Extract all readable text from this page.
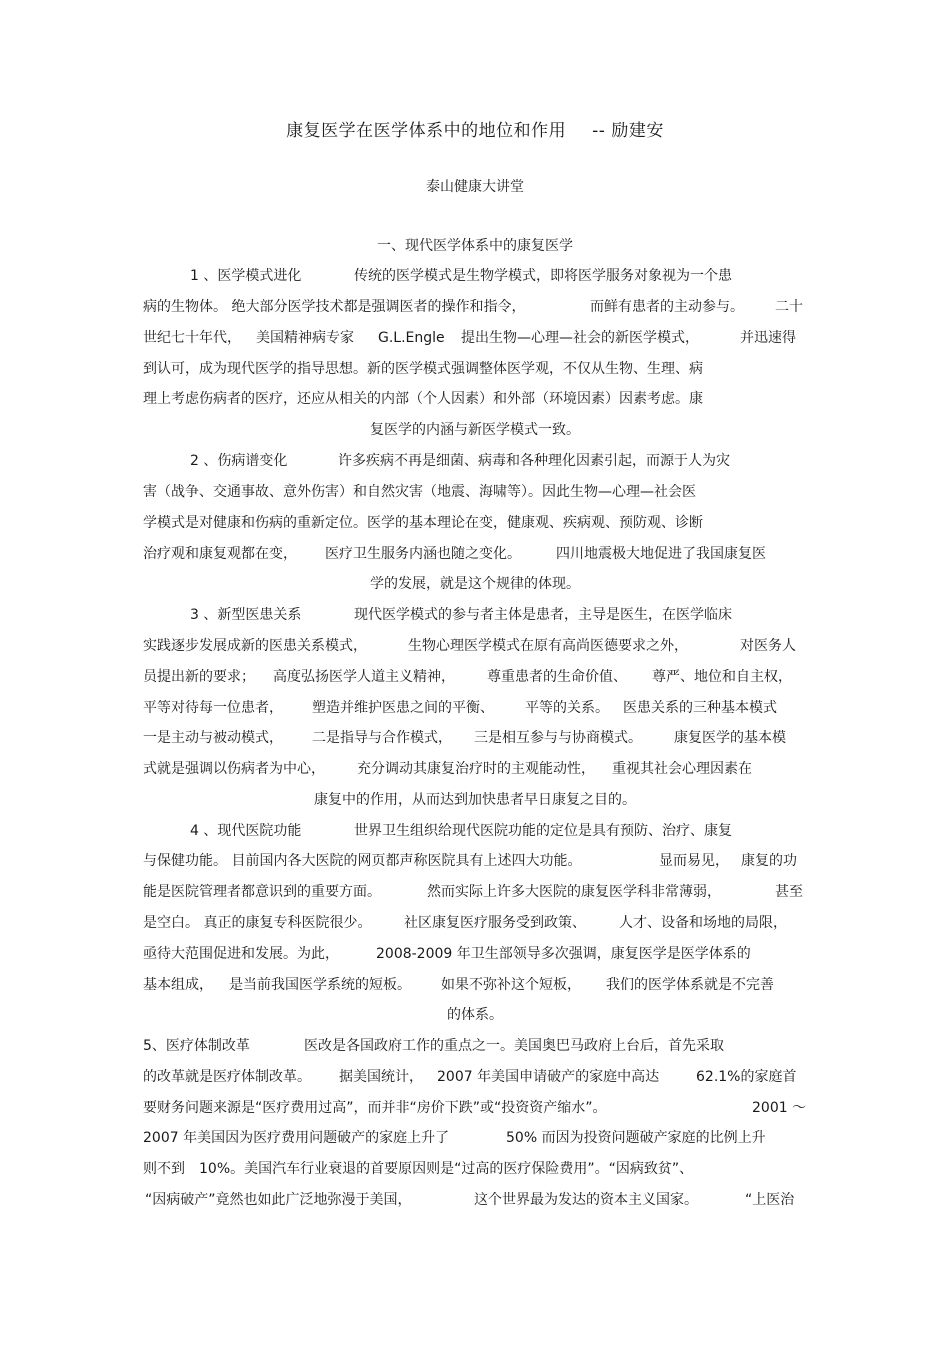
康复医学在医学体系中的地位和作用 -- 励建安
泰山健康大讲堂
一、现代医学体系中的康复医学

1 、医学模式进化

	传统的医学模式是生物学模式，即将医学服务对象视为一个患

病的生物体。 绝大部分医学技术都是强调医者的操作和指令，

	而鲜有患者的主动参与。

二十

世纪七十年代，

美国精神病专家

G.L.Engle

提出生物—心理—社会的新医学模式，

	并迅速得

到认可，成为现代医学的指导思想。新的医学模式强调整体医学观，不仅从生物、生理、病

理上考虑伤病者的医疗，还应从相关的内部（个人因素）和外部（环境因素）因素考虑。康

复医学的内涵与新医学模式一致。

2 、伤病谱变化

	许多疾病不再是细菌、病毒和各种理化因素引起，而源于人为灾

害（战争、交通事故、意外伤害）和自然灾害（地震、海啸等）。因此生物—心理—社会医

学模式是对健康和伤病的重新定位。医学的基本理论在变，健康观、疾病观、预防观、诊断

治疗观和康复观都在变，

医疗卫生服务内涵也随之变化。

	四川地震极大地促进了我国康复医

学的发展，就是这个规律的体现。

3 、新型医患关系

	现代医学模式的参与者主体是患者，主导是医生，在医学临床

实践逐步发展成新的医患关系模式，

	生物心理医学模式在原有高尚医德要求之外，

	对医务人

员提出新的要求；

高度弘扬医学人道主义精神，

尊重患者的生命价值、

尊严、地位和自主权，

平等对待每一位患者，

塑造并维护医患之间的平衡、

平等的关系。

医患关系的三种基本模式

一是主动与被动模式，

二是指导与合作模式，

三是相互参与与协商模式。

康复医学的基本模

式就是强调以伤病者为中心，

充分调动其康复治疗时的主观能动性，

重视其社会心理因素在

康复中的作用，从而达到加快患者早日康复之目的。

4 、现代医院功能

	世界卫生组织给现代医院功能的定位是具有预防、治疗、康复

与保健功能。 目前国内各大医院的网页都声称医院具有上述四大功能。

	显而易见，

康复的功

能是医院管理者都意识到的重要方面。

	然而实际上许多大医院的康复医学科非常薄弱，

	甚至

是空白。 真正的康复专科医院很少。

社区康复医疗服务受到政策、

人才、设备和场地的局限，

亟待大范围促进和发展。为此，

	2008-2009 年卫生部领导多次强调，康复医学是医学体系的

基本组成，

是当前我国医学系统的短板。

如果不弥补这个短板，

我们的医学体系就是不完善

的体系。

5、医疗体制改革

	医改是各国政府工作的重点之一。美国奥巴马政府上台后，首先采取

的改革就是医疗体制改革。

据美国统计，

2007 年美国申请破产的家庭中高达

	62.1%的家庭首

要财务问题来源是“医疗费用过高”，而并非“房价下跌”或“投资资产缩水”。

	2001 ～

2007 年美国因为医疗费用问题破产的家庭上升了

	50% 而因为投资问题破产家庭的比例上升

则不到

10%。美国汽车行业衰退的首要原因则是“过高的医疗保险费用”。“因病致贫”、

“因病破产”竟然也如此广泛地弥漫于美国，

	这个世界最为发达的资本主义国家。

	“上医治
